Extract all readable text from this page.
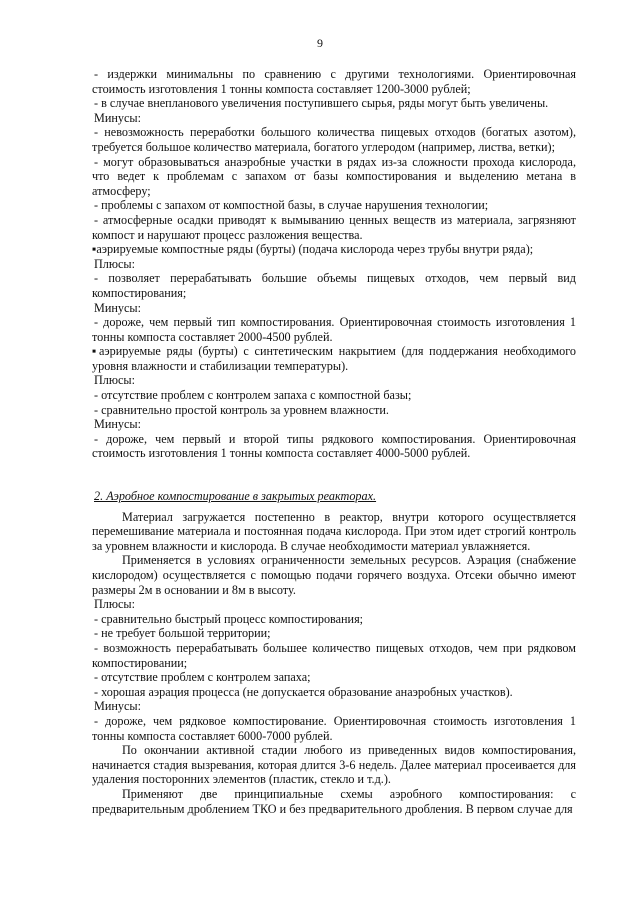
9

- издержки минимальны по сравнению с другими технологиями. Ориентировочная стоимость изготовления 1 тонны компоста составляет 1200-3000 рублей;

- в случае внепланового увеличения поступившего сырья, ряды могут быть увеличены.

Минусы:

- невозможность переработки большого количества пищевых отходов (богатых азотом), требуется большое количество материала, богатого углеродом (например, листва, ветки);

- могут образовываться анаэробные участки в рядах из-за сложности прохода кислорода, что ведет к проблемам с запахом от базы компостирования и выделению метана в атмосферу;

- проблемы с запахом от компостной базы, в случае нарушения технологии;

- атмосферные осадки приводят к вымыванию ценных веществ из материала, загрязняют компост и нарушают процесс разложения вещества.

▪аэрируемые компостные ряды (бурты) (подача кислорода через трубы внутри ряда);

Плюсы:

- позволяет перерабатывать большие объемы пищевых отходов, чем первый вид компостирования;

Минусы:

- дороже, чем первый тип компостирования. Ориентировочная стоимость изготовления 1 тонны компоста составляет 2000-4500 рублей.

▪аэрируемые ряды (бурты) с синтетическим накрытием (для поддержания необходимого уровня влажности и стабилизации температуры).

Плюсы:

- отсутствие проблем с контролем запаха с компостной базы;

- сравнительно простой контроль за уровнем влажности.

Минусы:

- дороже, чем первый и второй типы рядкового компостирования. Ориентировочная стоимость изготовления 1 тонны компоста составляет 4000-5000 рублей.

2. Аэробное компостирование в закрытых реакторах.

Материал загружается постепенно в реактор, внутри которого осуществляется перемешивание материала и постоянная подача кислорода. При этом идет строгий контроль за уровнем влажности и кислорода. В случае необходимости материал увлажняется.

Применяется в условиях ограниченности земельных ресурсов. Аэрация (снабжение кислородом) осуществляется с помощью подачи горячего воздуха. Отсеки обычно имеют размеры 2м в основании и 8м в высоту.

Плюсы:

- сравнительно быстрый процесс компостирования;

- не требует большой территории;

- возможность перерабатывать большее количество пищевых отходов, чем при рядковом компостировании;

- отсутствие проблем с контролем запаха;

- хорошая аэрация процесса (не допускается образование анаэробных участков).

Минусы:

- дороже, чем рядковое компостирование. Ориентировочная стоимость изготовления 1 тонны компоста составляет 6000-7000 рублей.

По окончании активной стадии любого из приведенных видов компостирования, начинается стадия вызревания, которая длится 3-6 недель. Далее материал просеивается для удаления посторонних элементов (пластик, стекло и т.д.).

Применяют две принципиальные схемы аэробного компостирования: с предварительным дроблением ТКО и без предварительного дробления. В первом случае для
